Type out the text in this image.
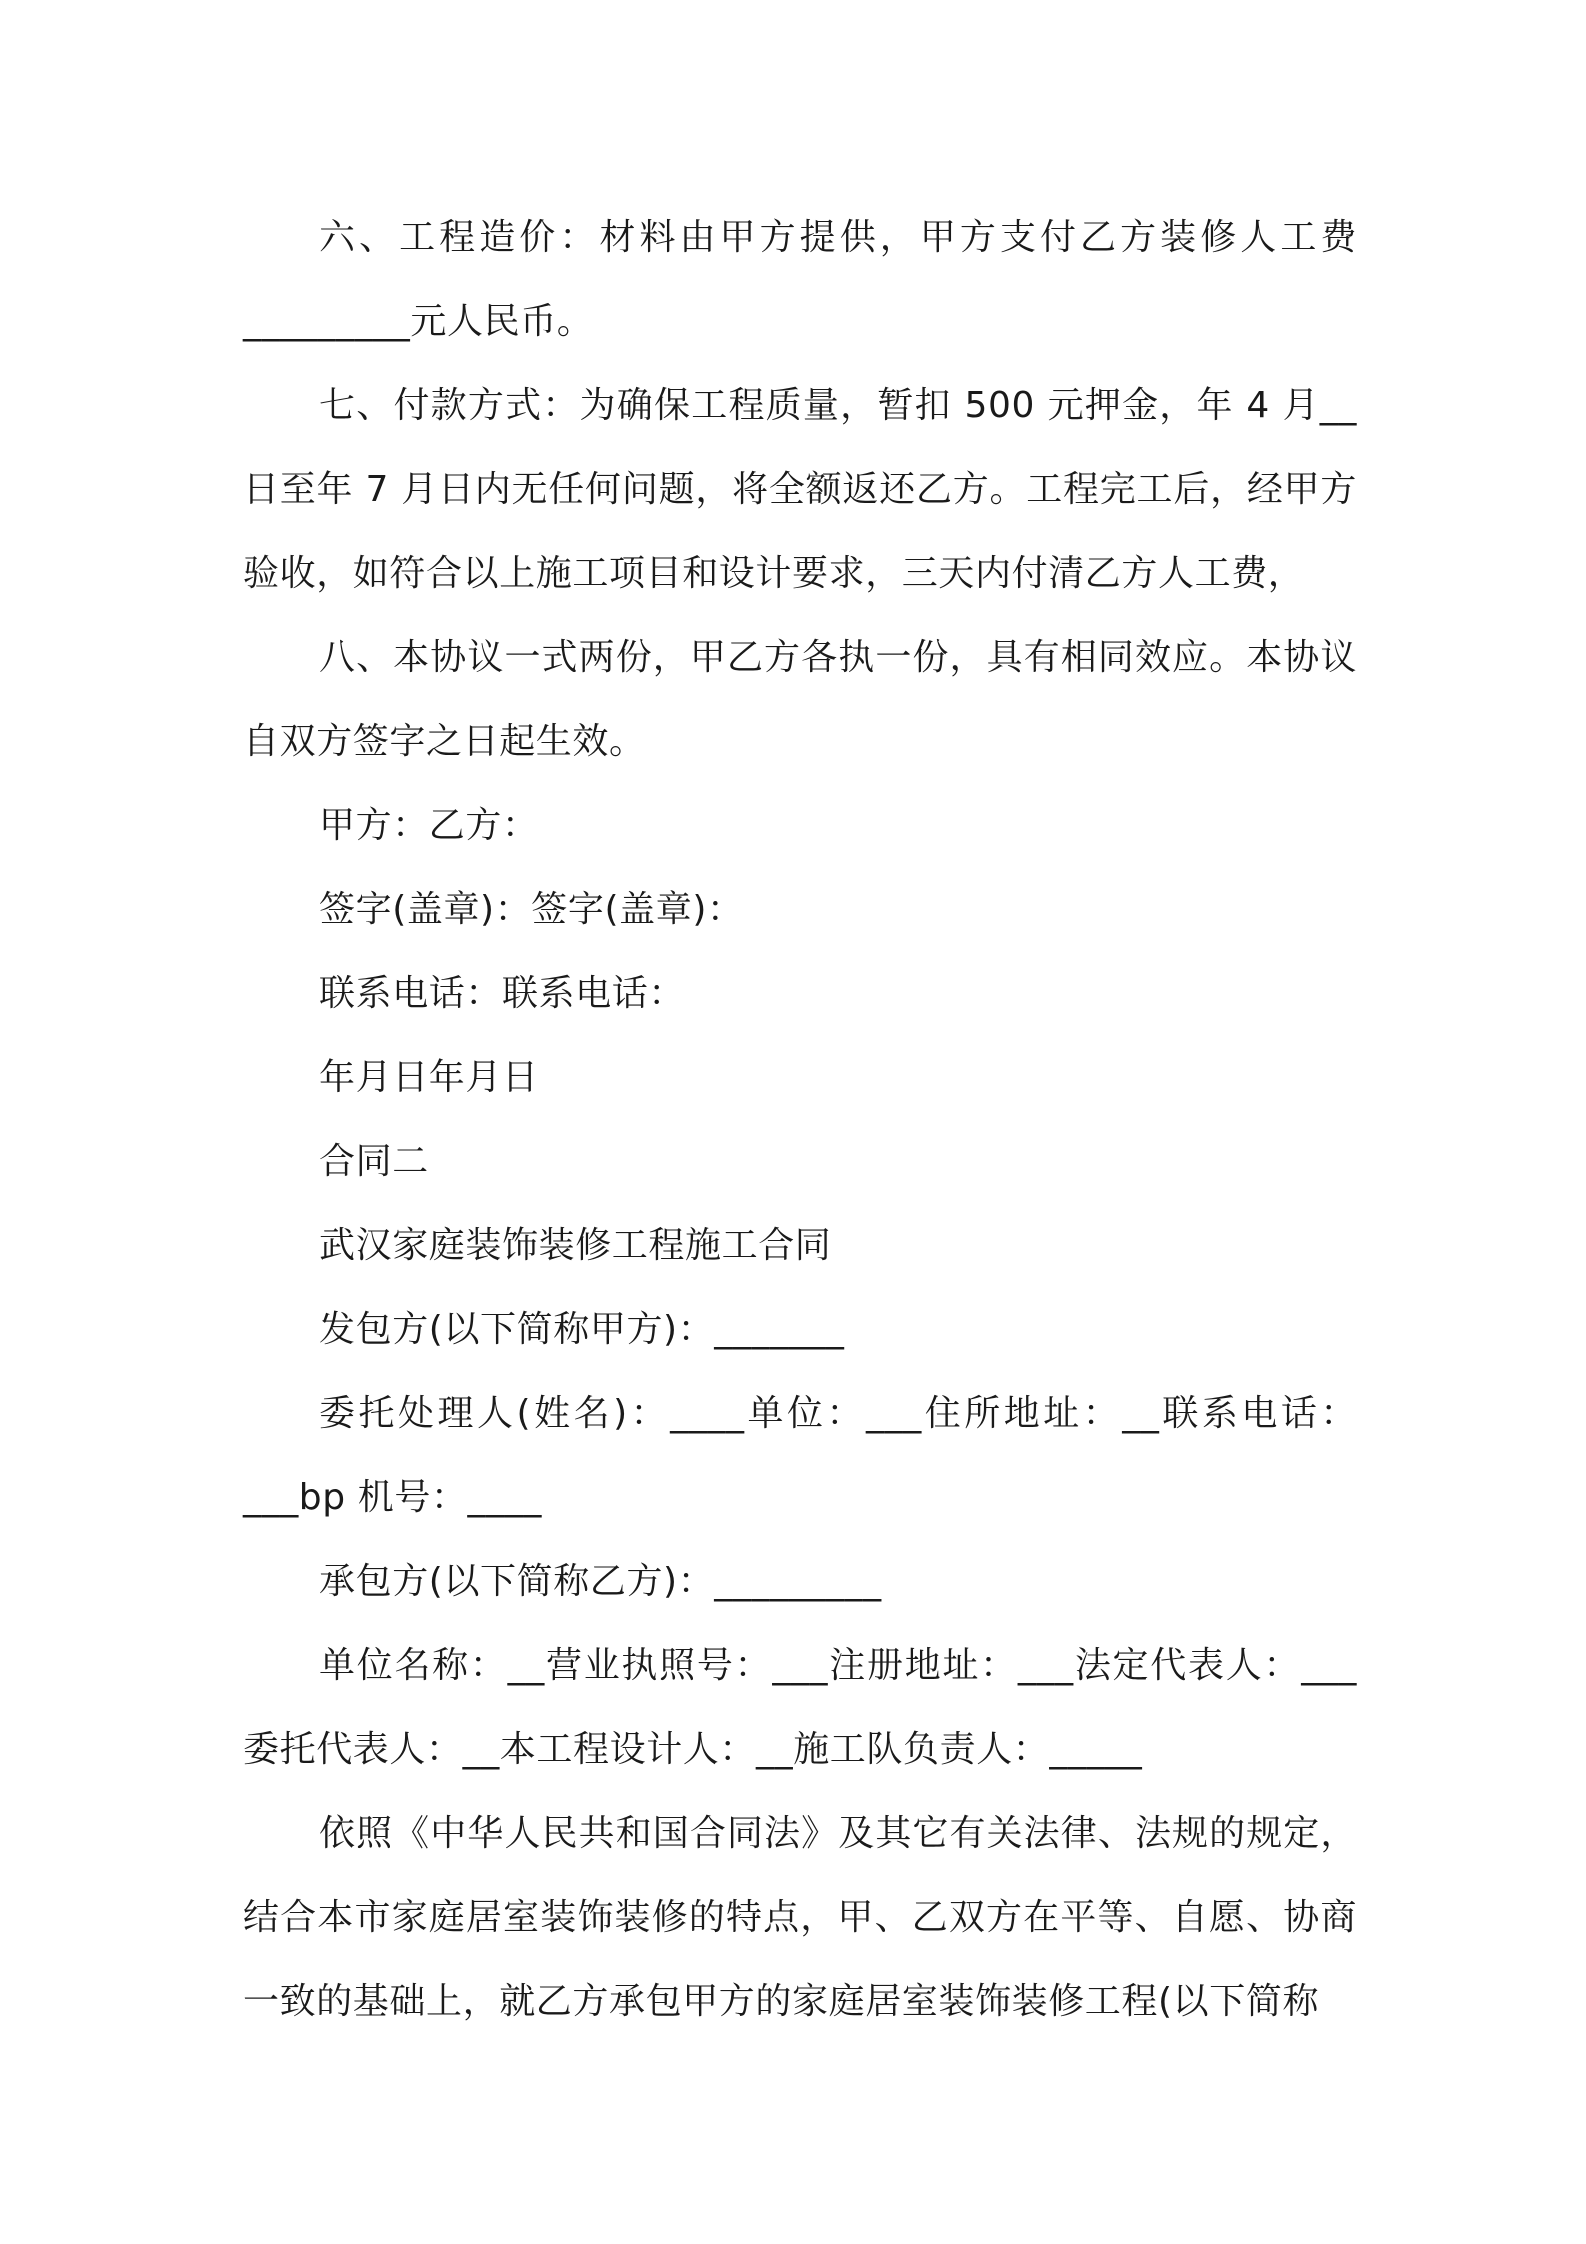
六、工程造价：材料由甲方提供，甲方支付乙方装修人工费_________元人民币。

七、付款方式：为确保工程质量，暂扣 500 元押金，年 4 月__日至年 7 月日内无任何问题，将全额返还乙方。工程完工后，经甲方验收，如符合以上施工项目和设计要求，三天内付清乙方人工费，

八、本协议一式两份，甲乙方各执一份，具有相同效应。本协议自双方签字之日起生效。

甲方：乙方：

签字(盖章)：签字(盖章)：

联系电话：联系电话：

年月日年月日

合同二

武汉家庭装饰装修工程施工合同

发包方(以下简称甲方)：_______

委托处理人(姓名)：____单位：___住所地址：__联系电话：___bp 机号：____

承包方(以下简称乙方)：_________

单位名称：__营业执照号：___注册地址：___法定代表人：___委托代表人：__本工程设计人：__施工队负责人：_____

依照《中华人民共和国合同法》及其它有关法律、法规的规定，结合本市家庭居室装饰装修的特点，甲、乙双方在平等、自愿、协商一致的基础上，就乙方承包甲方的家庭居室装饰装修工程(以下简称
